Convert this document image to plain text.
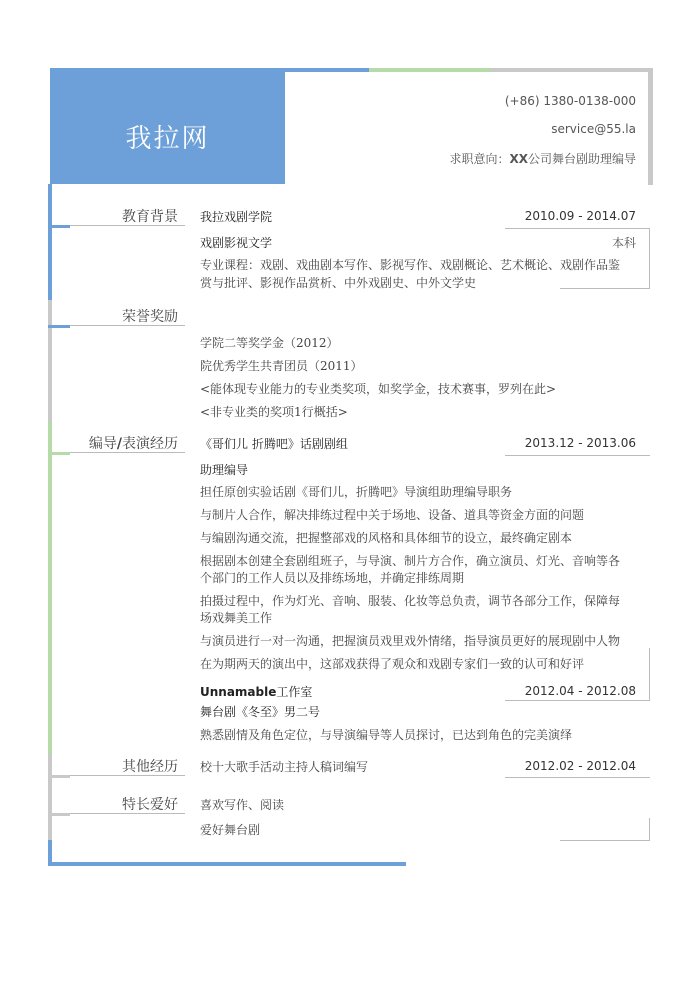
我拉网
(+86) 1380-0138-000
service@55.la
求职意向：XX公司舞台剧助理编导
教育背景 我拉戏剧学院	2010.09 - 2014.07
戏剧影视文学	本科
专业课程：戏剧、戏曲剧本写作、影视写作、戏剧概论、艺术概论、戏剧作品鉴
赏与批评、影视作品赏析、中外戏剧史、中外文学史
荣誉奖励
学院二等奖学金（2012）
院优秀学生共青团员（2011）
<能体现专业能力的专业类奖项，如奖学金，技术赛事，罗列在此>
<非专业类的奖项1行概括>
编导/表演经历 《哥们儿 折腾吧》话剧剧组	2013.12 - 2013.06
助理编导
担任原创实验话剧《哥们儿，折腾吧》导演组助理编导职务
与制片人合作，解决排练过程中关于场地、设备、道具等资金方面的问题
与编剧沟通交流，把握整部戏的风格和具体细节的设立，最终确定剧本
根据剧本创建全套剧组班子，与导演、制片方合作，确立演员、灯光、音响等各
个部门的工作人员以及排练场地，并确定排练周期
拍摄过程中，作为灯光、音响、服装、化妆等总负责，调节各部分工作，保障每
场戏舞美工作
与演员进行一对一沟通，把握演员戏里戏外情绪，指导演员更好的展现剧中人物
在为期两天的演出中，这部戏获得了观众和戏剧专家们一致的认可和好评
Unnamable工作室	2012.04 - 2012.08
舞台剧《冬至》男二号
熟悉剧情及角色定位，与导演编导等人员探讨，已达到角色的完美演绎
其他经历 校十大歌手活动主持人稿词编写	2012.02 - 2012.04
特长爱好 喜欢写作、阅读
爱好舞台剧
